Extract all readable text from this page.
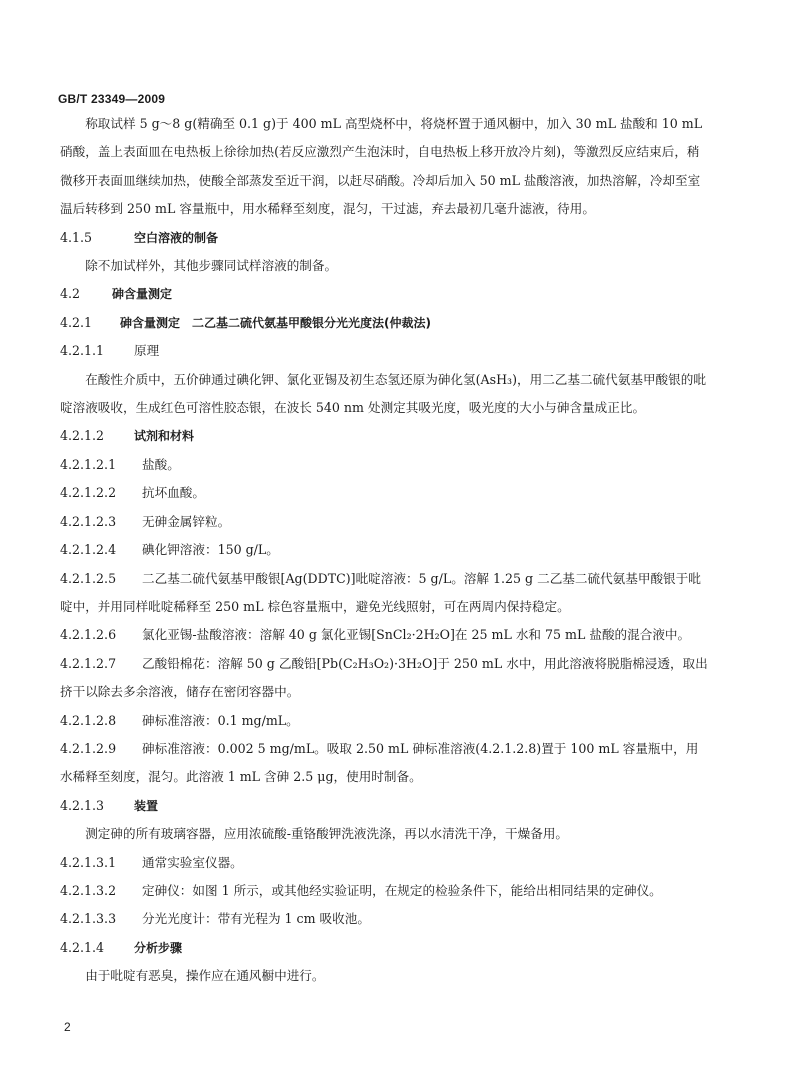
GB/T 23349—2009

称取试样 5 g～8 g(精确至 0.1 g)于 400 mL 高型烧杯中，将烧杯置于通风橱中，加入 30 mL 盐酸和 10 mL 硝酸，盖上表面皿在电热板上徐徐加热(若反应激烈产生泡沫时，自电热板上移开放冷片刻)，等激烈反应结束后，稍微移开表面皿继续加热，使酸全部蒸发至近干润，以赶尽硝酸。冷却后加入 50 mL 盐酸溶液，加热溶解，冷却至室温后转移到 250 mL 容量瓶中，用水稀释至刻度，混匀，干过滤，弃去最初几毫升滤液，待用。

4.1.5	空白溶液的制备

除不加试样外，其他步骤同试样溶液的制备。

4.2	砷含量测定

4.2.1 砷含量测定　二乙基二硫代氨基甲酸银分光光度法(仲裁法)

4.2.1.1 原理

在酸性介质中，五价砷通过碘化钾、氯化亚锡及初生态氢还原为砷化氢(AsH₃)，用二乙基二硫代氨基甲酸银的吡啶溶液吸收，生成红色可溶性胶态银，在波长 540 nm 处测定其吸光度，吸光度的大小与砷含量成正比。

4.2.1.2 试剂和材料

4.2.1.2.1 盐酸。

4.2.1.2.2 抗坏血酸。

4.2.1.2.3 无砷金属锌粒。

4.2.1.2.4 碘化钾溶液：150 g/L。

4.2.1.2.5 二乙基二硫代氨基甲酸银[Ag(DDTC)]吡啶溶液：5 g/L。溶解 1.25 g 二乙基二硫代氨基甲酸银于吡啶中，并用同样吡啶稀释至 250 mL 棕色容量瓶中，避免光线照射，可在两周内保持稳定。

4.2.1.2.6 氯化亚锡-盐酸溶液：溶解 40 g 氯化亚锡[SnCl₂·2H₂O]在 25 mL 水和 75 mL 盐酸的混合液中。

4.2.1.2.7 乙酸铅棉花：溶解 50 g 乙酸铅[Pb(C₂H₃O₂)·3H₂O]于 250 mL 水中，用此溶液将脱脂棉浸透，取出挤干以除去多余溶液，储存在密闭容器中。

4.2.1.2.8 砷标准溶液：0.1 mg/mL。

4.2.1.2.9 砷标准溶液：0.002 5 mg/mL。吸取 2.50 mL 砷标准溶液(4.2.1.2.8)置于 100 mL 容量瓶中，用水稀释至刻度，混匀。此溶液 1 mL 含砷 2.5 μg，使用时制备。

4.2.1.3 装置

测定砷的所有玻璃容器，应用浓硫酸-重铬酸钾洗液洗涤，再以水清洗干净，干燥备用。

4.2.1.3.1 通常实验室仪器。

4.2.1.3.2 定砷仪：如图 1 所示，或其他经实验证明，在规定的检验条件下，能给出相同结果的定砷仪。

4.2.1.3.3 分光光度计：带有光程为 1 cm 吸收池。

4.2.1.4 分析步骤

由于吡啶有恶臭，操作应在通风橱中进行。

2
